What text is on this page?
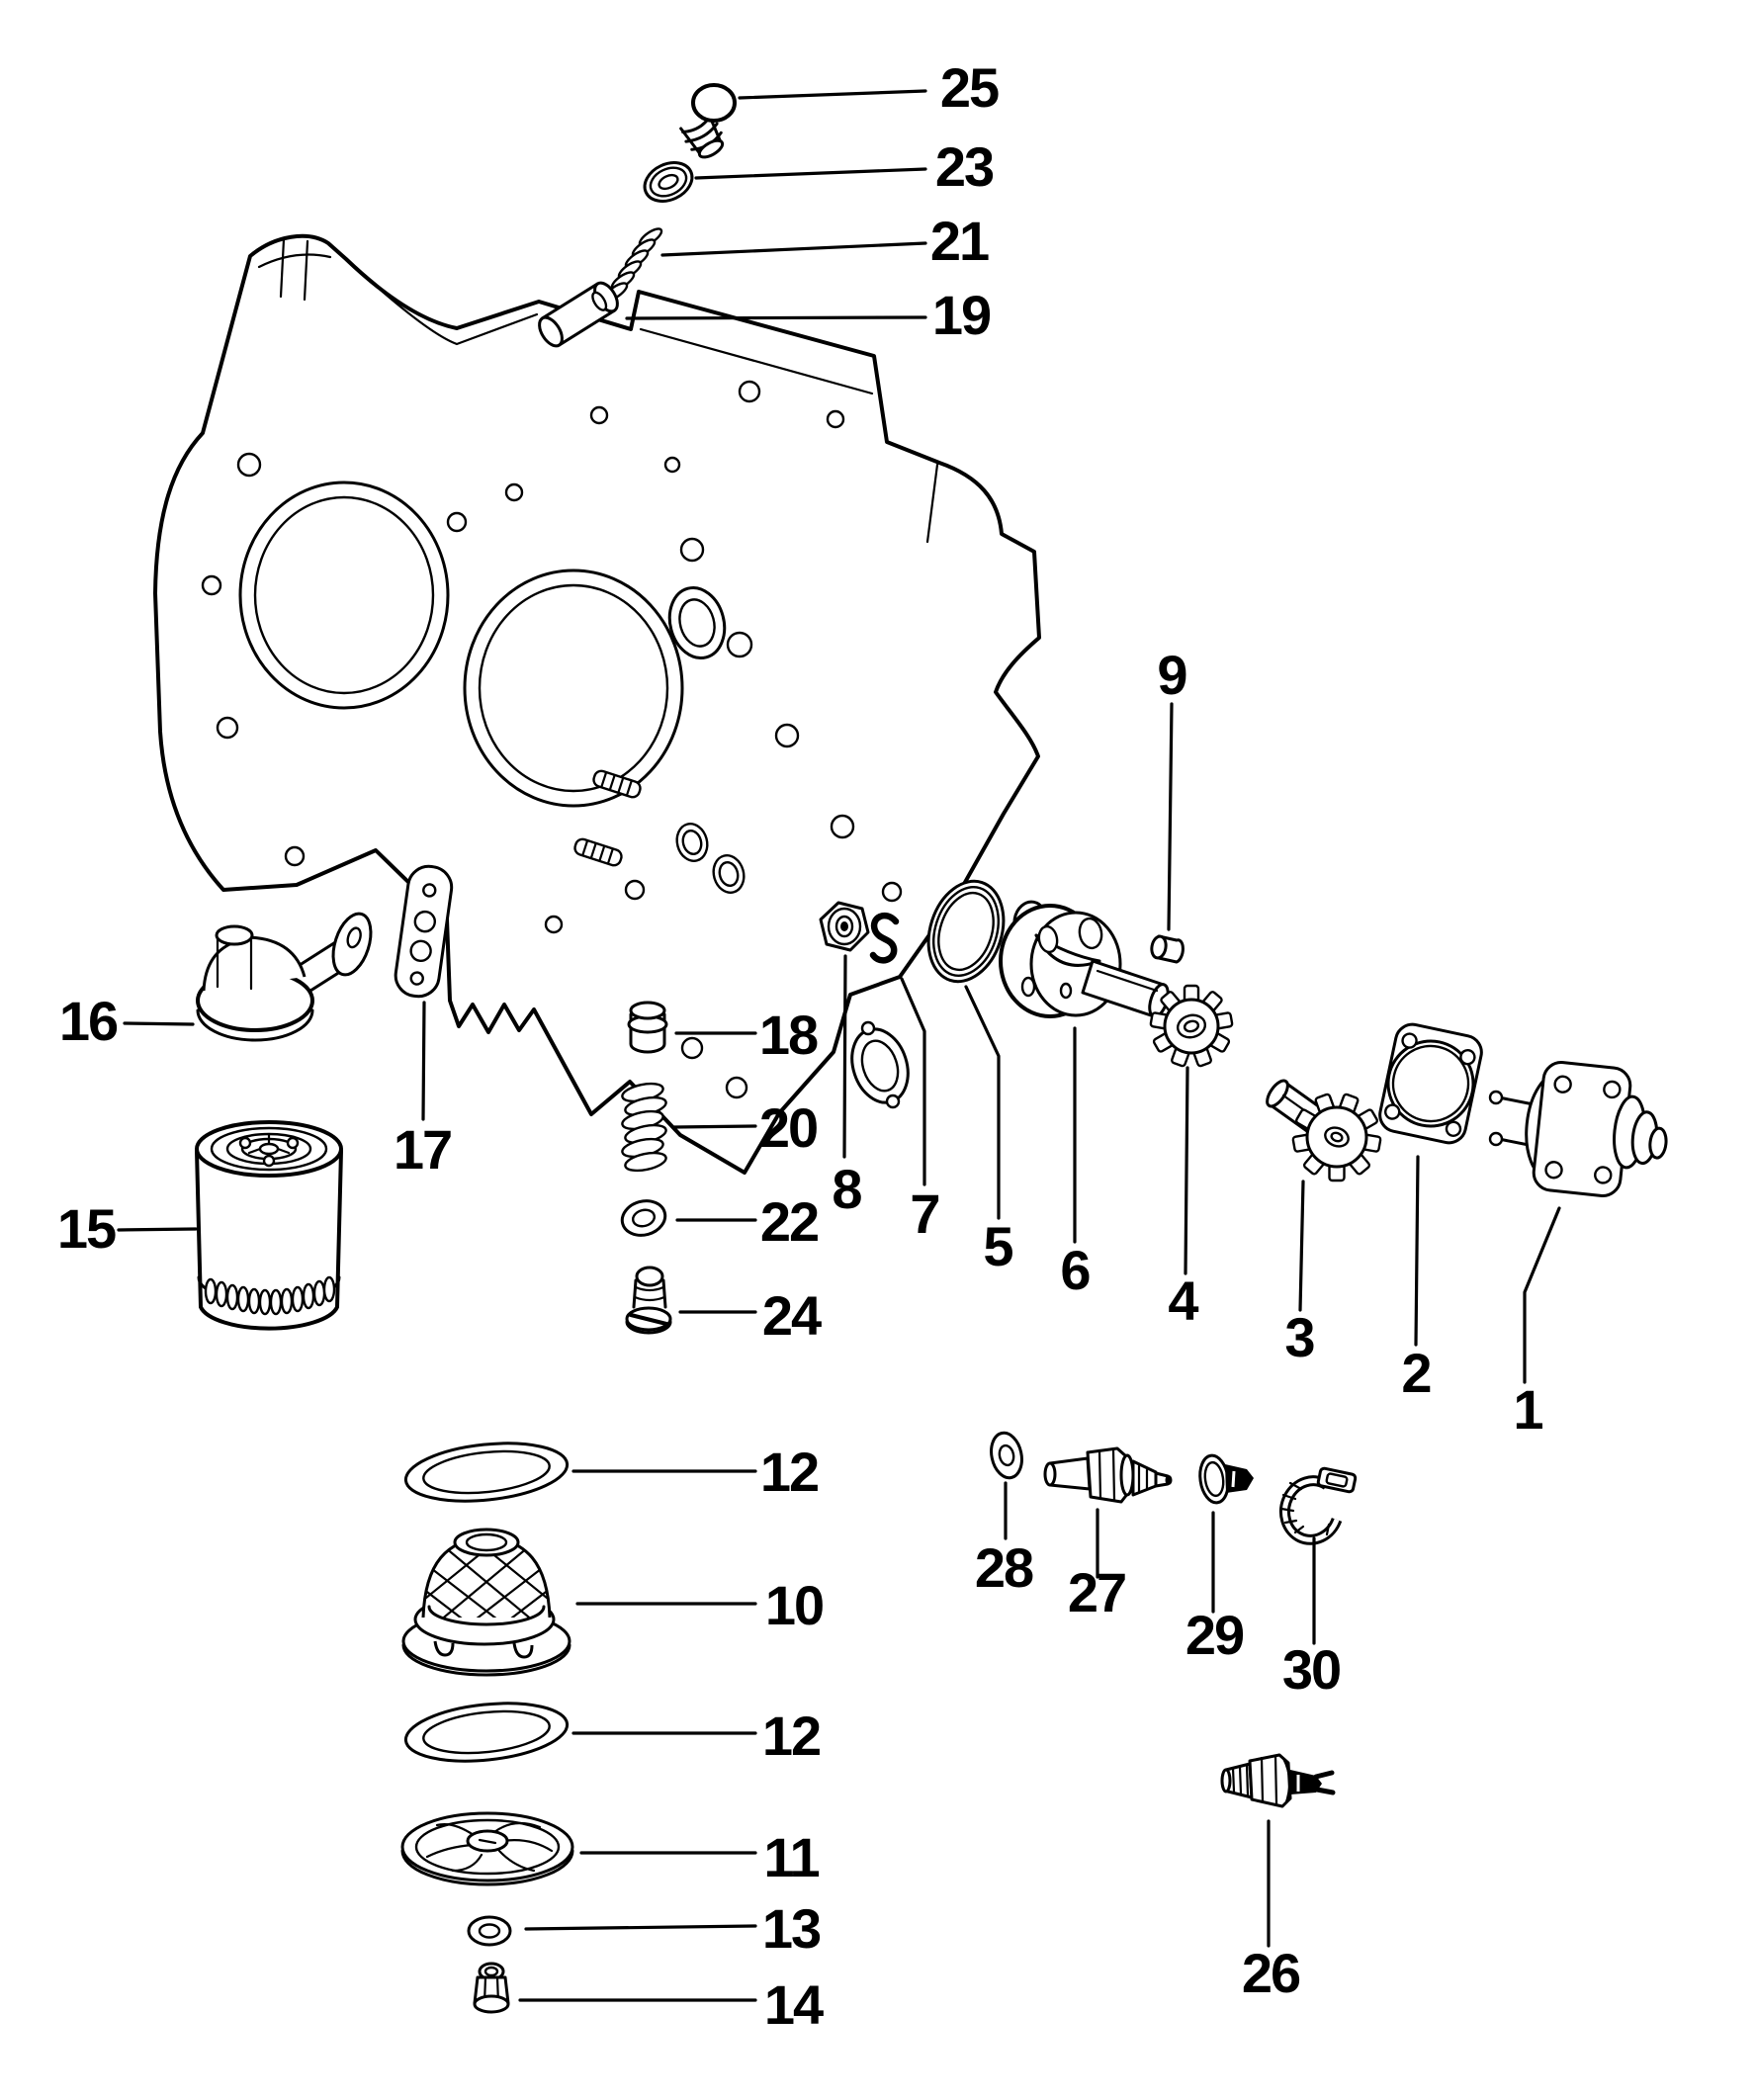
25
23
21
19
9
16
17
15
18
20
22
24
8 7
5 6 4
3
2
1
12
10
12
11
13
14
28 27
29
30
26
